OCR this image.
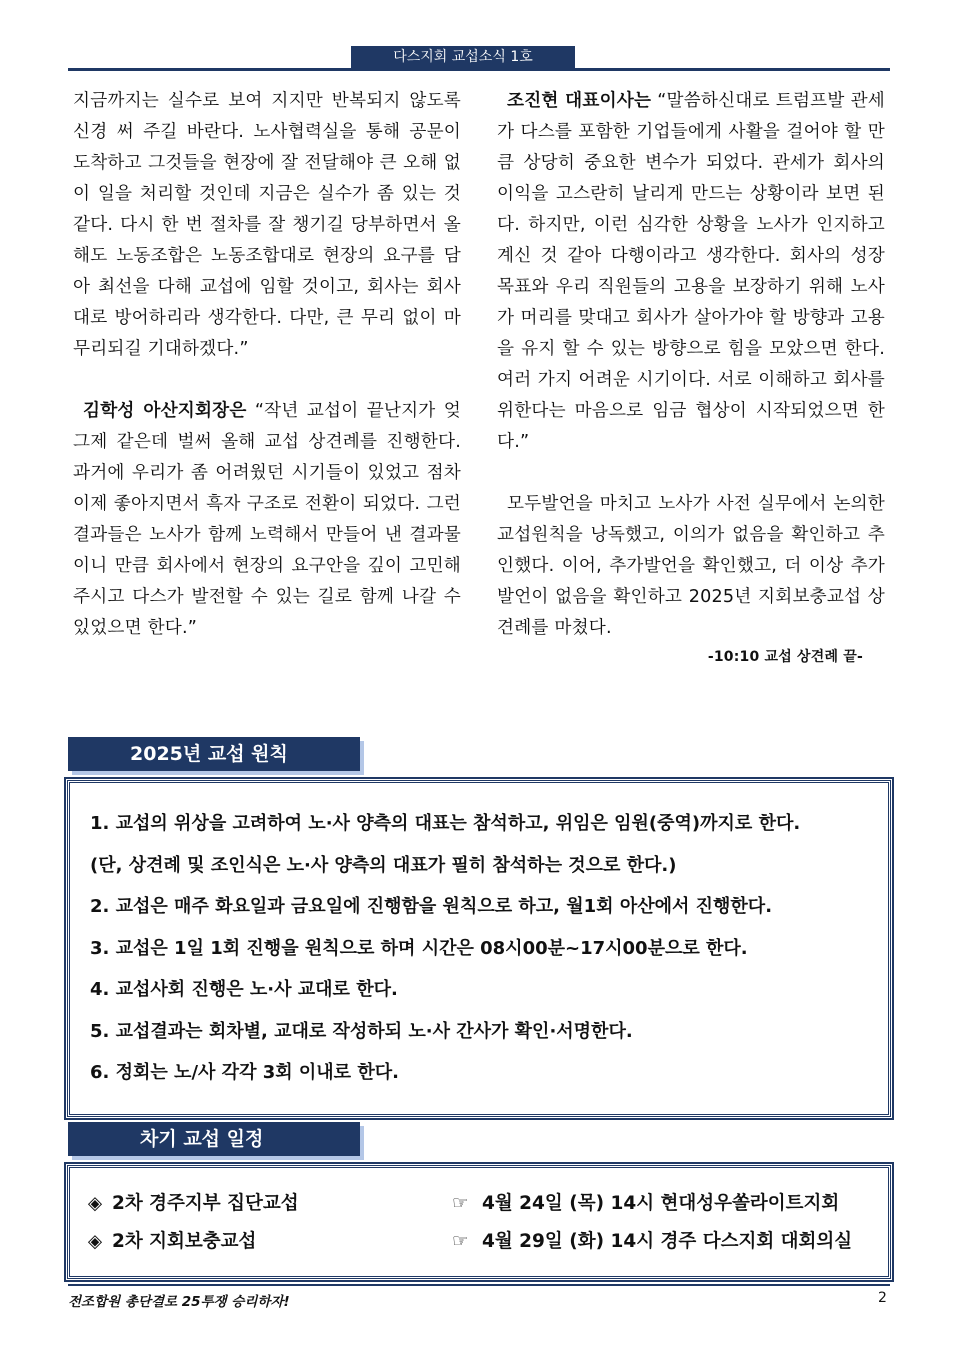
다스지회 교섭소식 1호

지금까지는 실수로 보여 지지만 반복되지 않도록 신경 써 주길 바란다. 노사협력실을 통해 공문이 도착하고 그것들을 현장에 잘 전달해야 큰 오해 없이 일을 처리할 것인데 지금은 실수가 좀 있는 것 같다. 다시 한 번 절차를 잘 챙기길 당부하면서 올해도 노동조합은 노동조합대로 현장의 요구를 담아 최선을 다해 교섭에 임할 것이고, 회사는 회사대로 방어하리라 생각한다. 다만, 큰 무리 없이 마무리되길 기대하겠다.”

김학성 아산지회장은 “작년 교섭이 끝난지가 엊그제 같은데 벌써 올해 교섭 상견례를 진행한다. 과거에 우리가 좀 어려웠던 시기들이 있었고 점차 이제 좋아지면서 흑자 구조로 전환이 되었다. 그런 결과들은 노사가 함께 노력해서 만들어 낸 결과물이니 만큼 회사에서 현장의 요구안을 깊이 고민해주시고 다스가 발전할 수 있는 길로 함께 나갈 수 있었으면 한다.”

조진현 대표이사는 “말씀하신대로 트럼프발 관세가 다스를 포함한 기업들에게 사활을 걸어야 할 만큼 상당히 중요한 변수가 되었다. 관세가 회사의 이익을 고스란히 날리게 만드는 상황이라 보면 된다. 하지만, 이런 심각한 상황을 노사가 인지하고 계신 것 같아 다행이라고 생각한다. 회사의 성장 목표와 우리 직원들의 고용을 보장하기 위해 노사가 머리를 맞대고 회사가 살아가야 할 방향과 고용을 유지 할 수 있는 방향으로 힘을 모았으면 한다. 여러 가지 어려운 시기이다. 서로 이해하고 회사를 위한다는 마음으로 임금 협상이 시작되었으면 한다.”

모두발언을 마치고 노사가 사전 실무에서 논의한 교섭원칙을 낭독했고, 이의가 없음을 확인하고 추인했다. 이어, 추가발언을 확인했고, 더 이상 추가발언이 없음을 확인하고 2025년 지회보충교섭 상견례를 마쳤다.

-10:10 교섭 상견례 끝-
2025년 교섭 원칙
1. 교섭의 위상을 고려하여 노·사 양측의 대표는 참석하고, 위임은 임원(중역)까지로 한다.
(단, 상견례 및 조인식은 노·사 양측의 대표가 필히 참석하는 것으로 한다.)
2. 교섭은 매주 화요일과 금요일에 진행함을 원칙으로 하고, 월1회 아산에서 진행한다.
3. 교섭은 1일 1회 진행을 원칙으로 하며 시간은 08시00분~17시00분으로 한다.
4. 교섭사회 진행은 노·사 교대로 한다.
5. 교섭결과는 회차별, 교대로 작성하되 노·사 간사가 확인·서명한다.
6. 정회는 노/사 각각 3회 이내로 한다.
차기 교섭 일정
◈ 2차 경주지부 집단교섭	☞ 4월 24일 (목) 14시 현대성우쏠라이트지회
◈ 2차 지회보충교섭	☞ 4월 29일 (화) 14시 경주 다스지회 대회의실
전조합원 총단결로 25투쟁 승리하자!	2
